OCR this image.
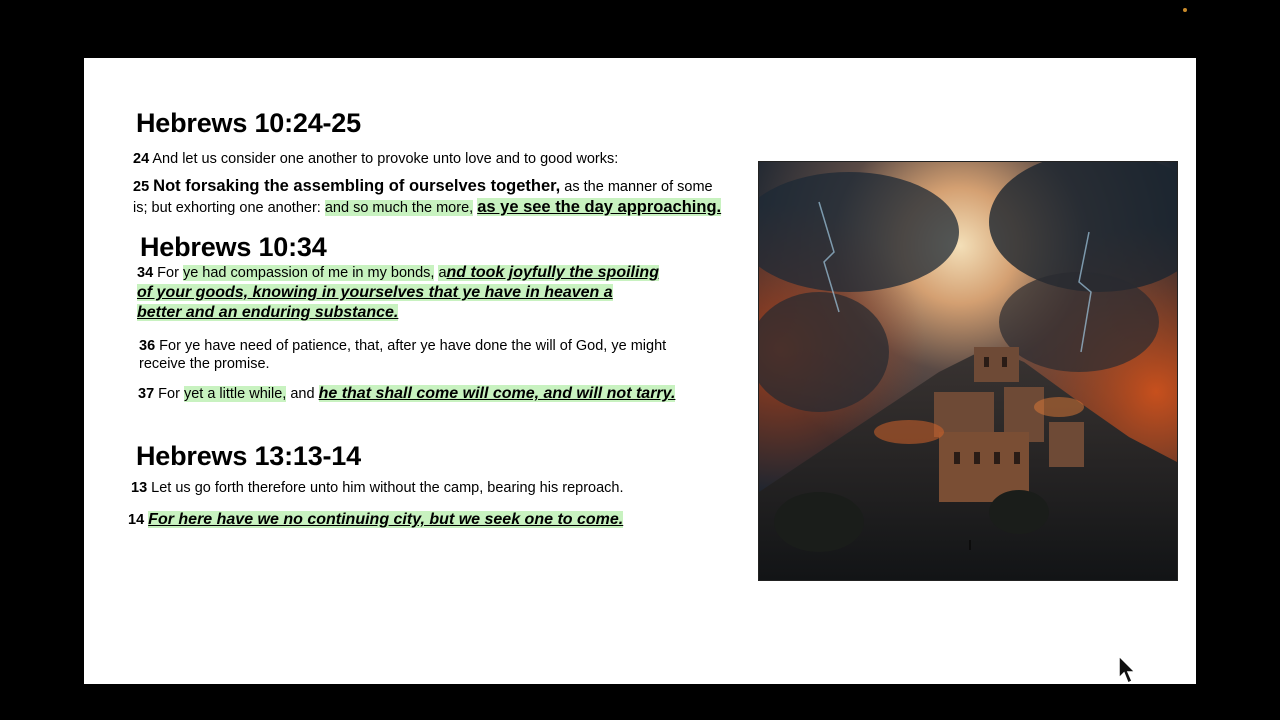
Hebrews 10:24-25
24 And let us consider one another to provoke unto love and to good works:
25 Not forsaking the assembling of ourselves together, as the manner of some
is; but exhorting one another: and so much the more, as ye see the day approaching.
Hebrews 10:34
34 For ye had compassion of me in my bonds, and took joyfully the spoiling
of your goods, knowing in yourselves that ye have in heaven a
better and an enduring substance.
36 For ye have need of patience, that, after ye have done the will of God, ye might
receive the promise.
37 For yet a little while, and he that shall come will come, and will not tarry.
Hebrews 13:13-14
13 Let us go forth therefore unto him without the camp, bearing his reproach.
14 For here have we no continuing city, but we seek one to come.
